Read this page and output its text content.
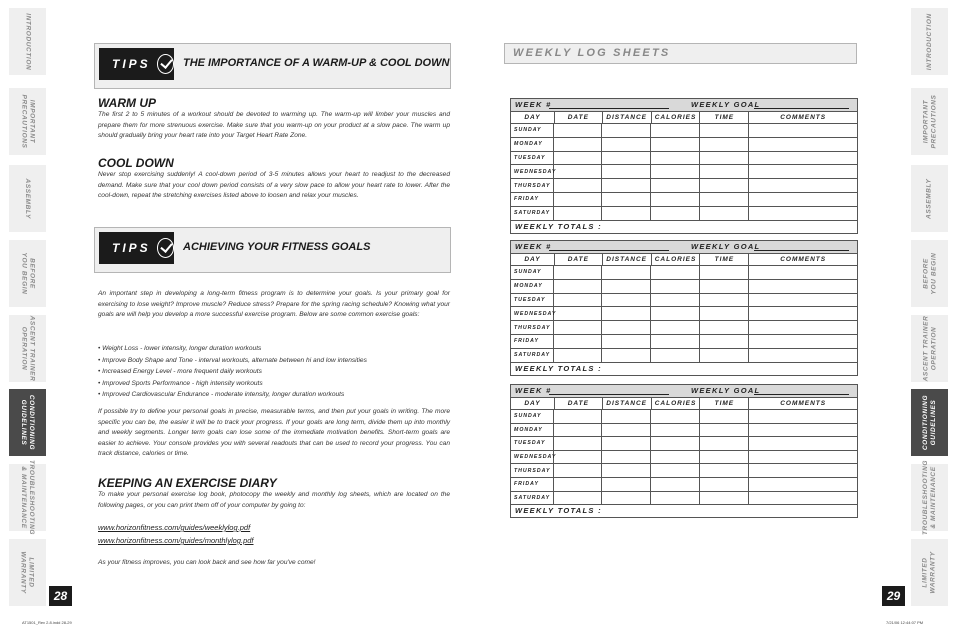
INTRODUCTION
IMPORTANT
PRECAUTIONS
ASSEMBLY
BEFORE
YOU BEGIN
ASCENT TRAINER
OPERATION
CONDITIONING
GUIDELINES
TROUBLESHOOTING
& MAINTENANCE
LIMITED
WARRANTY
INTRODUCTION
IMPORTANT
PRECAUTIONS
ASSEMBLY
BEFORE
YOU BEGIN
ASCENT TRAINER
OPERATION
CONDITIONING
GUIDELINES
TROUBLESHOOTING
& MAINTENANCE
LIMITED
WARRANTY
28	29
TIPS	THE IMPORTANCE OF A WARM-UP & COOL DOWN
WARM UP
The first 2 to 5 minutes of a workout should be devoted to warming up. The warm-up will limber your muscles and prepare them for more strenuous exercise. Make sure that you warm-up on your product at a slow pace. The warm up should gradually bring your heart rate into your Target Heart Rate Zone.
COOL DOWN
Never stop exercising suddenly! A cool-down period of 3-5 minutes allows your heart to readjust to the decreased demand. Make sure that your cool down period consists of a very slow pace to allow your heart rate to lower. After the cool-down, repeat the stretching exercises listed above to loosen and relax your muscles.
TIPS	ACHIEVING YOUR FITNESS GOALS
An important step in developing a long-term fitness program is to determine your goals. Is your primary goal for exercising to lose weight? Improve muscle? Reduce stress? Prepare for the spring racing schedule? Knowing what your goals are will help you develop a more successful exercise program. Below are some common exercise goals:
• Weight Loss - lower intensity, longer duration workouts
• Improve Body Shape and Tone - interval workouts, alternate between hi and low intensities
• Increased Energy Level - more frequent daily workouts
• Improved Sports Performance - high intensity workouts
• Improved Cardiovascular Endurance - moderate intensity, longer duration workouts
If possible try to define your personal goals in precise, measurable terms, and then put your goals in writing. The more specific you can be, the easier it will be to track your progress. If your goals are long term, divide them up into monthly and weekly segments. Longer term goals can lose some of the immediate motivation benefits. Short-term goals are easier to achieve. Your console provides you with several readouts that can be used to record your progress. You can track distance, calories or time.
KEEPING AN EXERCISE DIARY
To make your personal exercise log book, photocopy the weekly and monthly log sheets, which are located on the following pages, or you can print them off of your computer by going to:
www.horizonfitness.com/guides/weeklylog.pdf
www.horizonfitness.com/guides/monthlylog.pdf
As your fitness improves, you can look back and see how far you've come!
WEEKLY LOG SHEETS
WEEK #	WEEKLY GOAL
DAY	DATE	DISTANCE	CALORIES	TIME	COMMENTS
SUNDAY
MONDAY
TUESDAY
WEDNESDAY
THURSDAY
FRIDAY
SATURDAY
WEEKLY TOTALS :
WEEK #	WEEKLY GOAL
DAY	DATE	DISTANCE	CALORIES	TIME	COMMENTS
SUNDAY
MONDAY
TUESDAY
WEDNESDAY
THURSDAY
FRIDAY
SATURDAY
WEEKLY TOTALS :
WEEK #	WEEKLY GOAL
DAY	DATE	DISTANCE	CALORIES	TIME	COMMENTS
SUNDAY
MONDAY
TUESDAY
WEDNESDAY
THURSDAY
FRIDAY
SATURDAY
WEEKLY TOTALS :
AT1501_Rev 2.8.indd 28-29	7/21/06 12:44:07 PM
